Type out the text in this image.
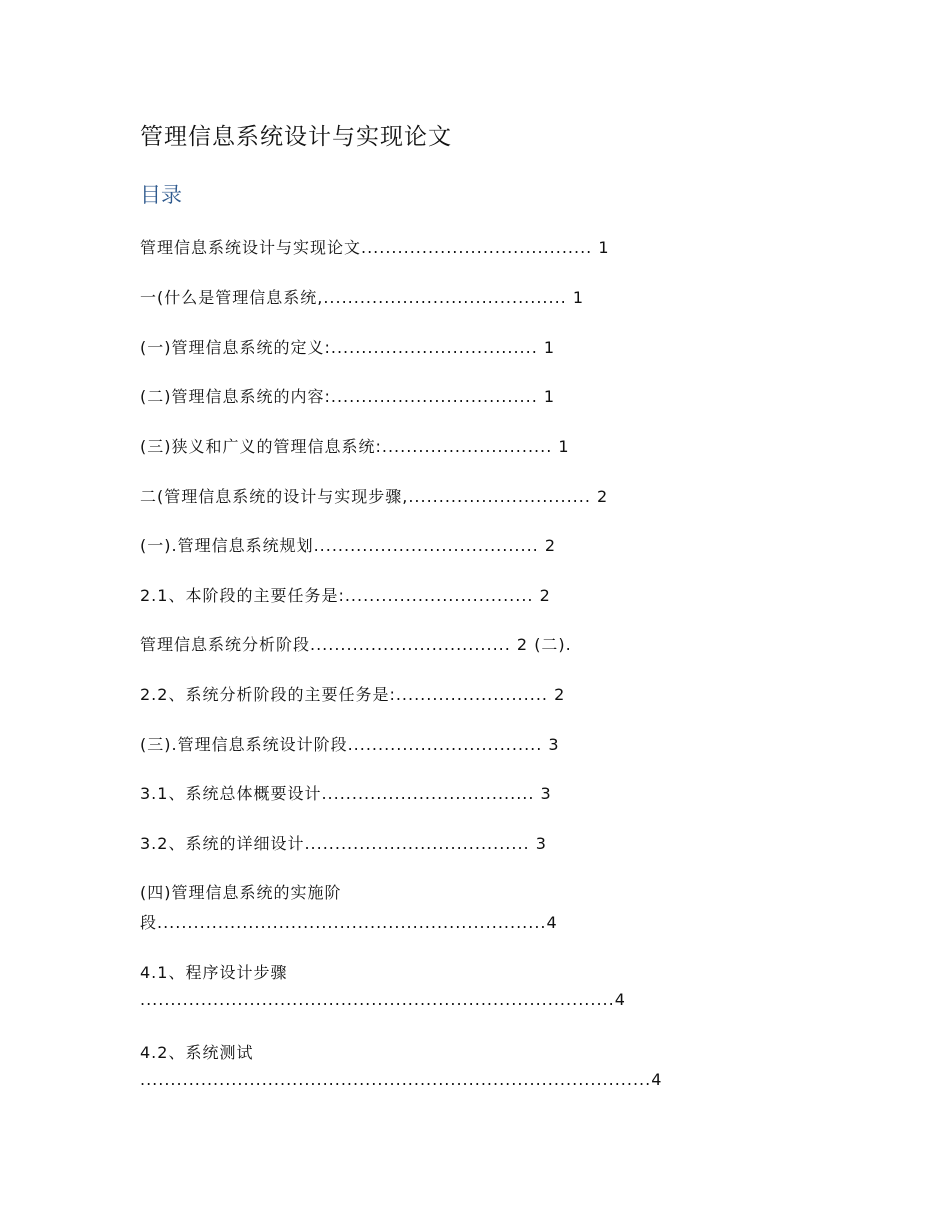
管理信息系统设计与实现论文
目录
管理信息系统设计与实现论文...................................... 1
一(什么是管理信息系统,........................................ 1
(一)管理信息系统的定义:.................................. 1
(二)管理信息系统的内容:.................................. 1
(三)狭义和广义的管理信息系统:............................ 1
二(管理信息系统的设计与实现步骤,.............................. 2
(一).管理信息系统规划..................................... 2
2.1、本阶段的主要任务是:............................... 2
管理信息系统分析阶段................................. 2 (二).
2.2、系统分析阶段的主要任务是:......................... 2
(三).管理信息系统设计阶段................................ 3
3.1、系统总体概要设计................................... 3
3.2、系统的详细设计..................................... 3
(四)管理信息系统的实施阶
段................................................................4
4.1、程序设计步骤
..............................................................................4
4.2、系统测试
....................................................................................4
